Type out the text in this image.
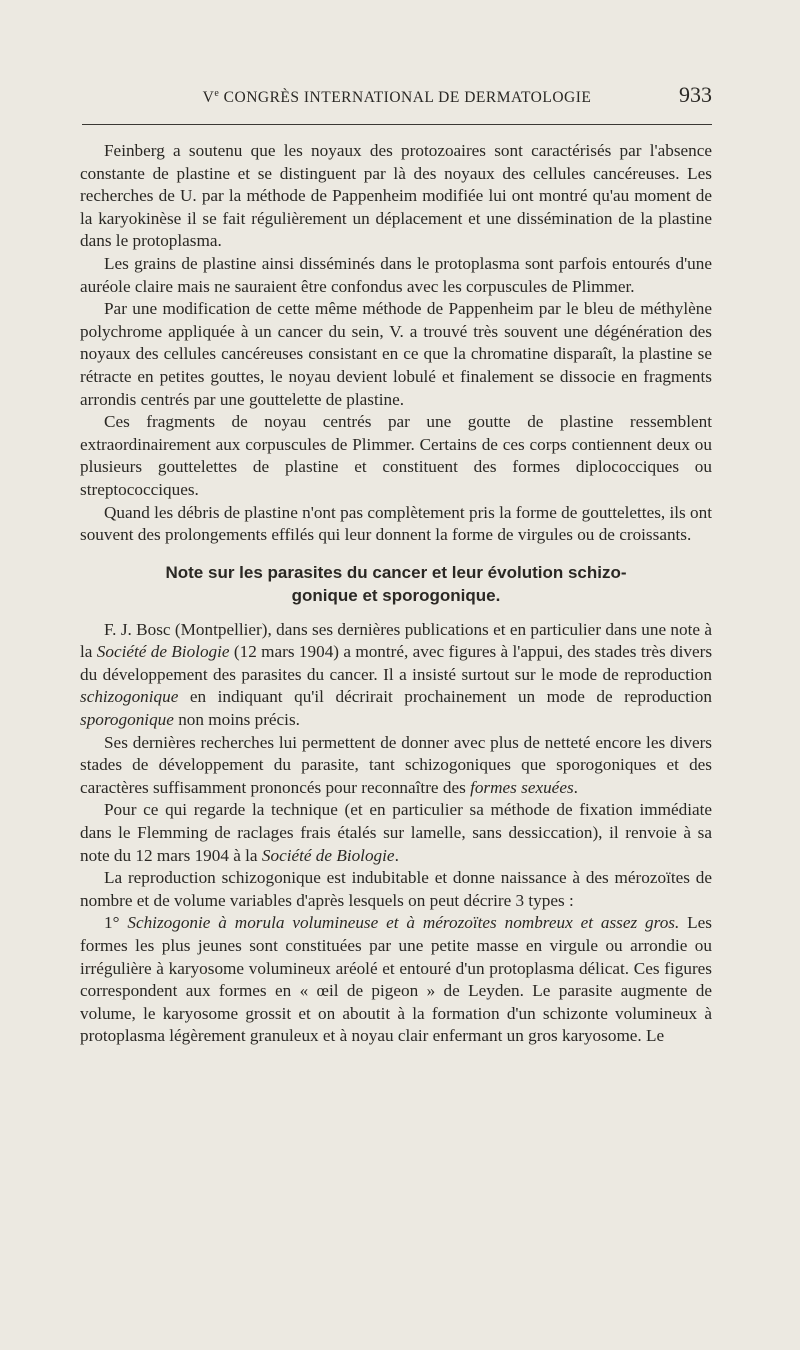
Ve CONGRÈS INTERNATIONAL DE DERMATOLOGIE	933

Feinberg a soutenu que les noyaux des protozoaires sont caractérisés par l'absence constante de plastine et se distinguent par là des noyaux des cellules cancéreuses. Les recherches de U. par la méthode de Pappenheim modifiée lui ont montré qu'au moment de la karyokinèse il se fait régulièrement un déplacement et une dissémination de la plastine dans le protoplasma.

Les grains de plastine ainsi disséminés dans le protoplasma sont parfois entourés d'une auréole claire mais ne sauraient être confondus avec les corpuscules de Plimmer.

Par une modification de cette même méthode de Pappenheim par le bleu de méthylène polychrome appliquée à un cancer du sein, V. a trouvé très souvent une dégénération des noyaux des cellules cancéreuses consistant en ce que la chromatine disparaît, la plastine se rétracte en petites gouttes, le noyau devient lobulé et finalement se dissocie en fragments arrondis centrés par une gouttelette de plastine.

Ces fragments de noyau centrés par une goutte de plastine ressemblent extraordinairement aux corpuscules de Plimmer. Certains de ces corps contiennent deux ou plusieurs gouttelettes de plastine et constituent des formes diplococciques ou streptococciques.

Quand les débris de plastine n'ont pas complètement pris la forme de gouttelettes, ils ont souvent des prolongements effilés qui leur donnent la forme de virgules ou de croissants.

Note sur les parasites du cancer et leur évolution schizo-
gonique et sporogonique.

F. J. Bosc (Montpellier), dans ses dernières publications et en particulier dans une note à la Société de Biologie (12 mars 1904) a montré, avec figures à l'appui, des stades très divers du développement des parasites du cancer. Il a insisté surtout sur le mode de reproduction schizogonique en indiquant qu'il décrirait prochainement un mode de reproduction sporogonique non moins précis.

Ses dernières recherches lui permettent de donner avec plus de netteté encore les divers stades de développement du parasite, tant schizogoniques que sporogoniques et des caractères suffisamment prononcés pour reconnaître des formes sexuées.

Pour ce qui regarde la technique (et en particulier sa méthode de fixation immédiate dans le Flemming de raclages frais étalés sur lamelle, sans dessiccation), il renvoie à sa note du 12 mars 1904 à la Société de Biologie.

La reproduction schizogonique est indubitable et donne naissance à des mérozoïtes de nombre et de volume variables d'après lesquels on peut décrire 3 types :

1° Schizogonie à morula volumineuse et à mérozoïtes nombreux et assez gros. Les formes les plus jeunes sont constituées par une petite masse en virgule ou arrondie ou irrégulière à karyosome volumineux aréolé et entouré d'un protoplasma délicat. Ces figures correspondent aux formes en « œil de pigeon » de Leyden. Le parasite augmente de volume, le karyosome grossit et on aboutit à la formation d'un schizonte volumineux à protoplasma légèrement granuleux et à noyau clair enfermant un gros karyosome. Le
